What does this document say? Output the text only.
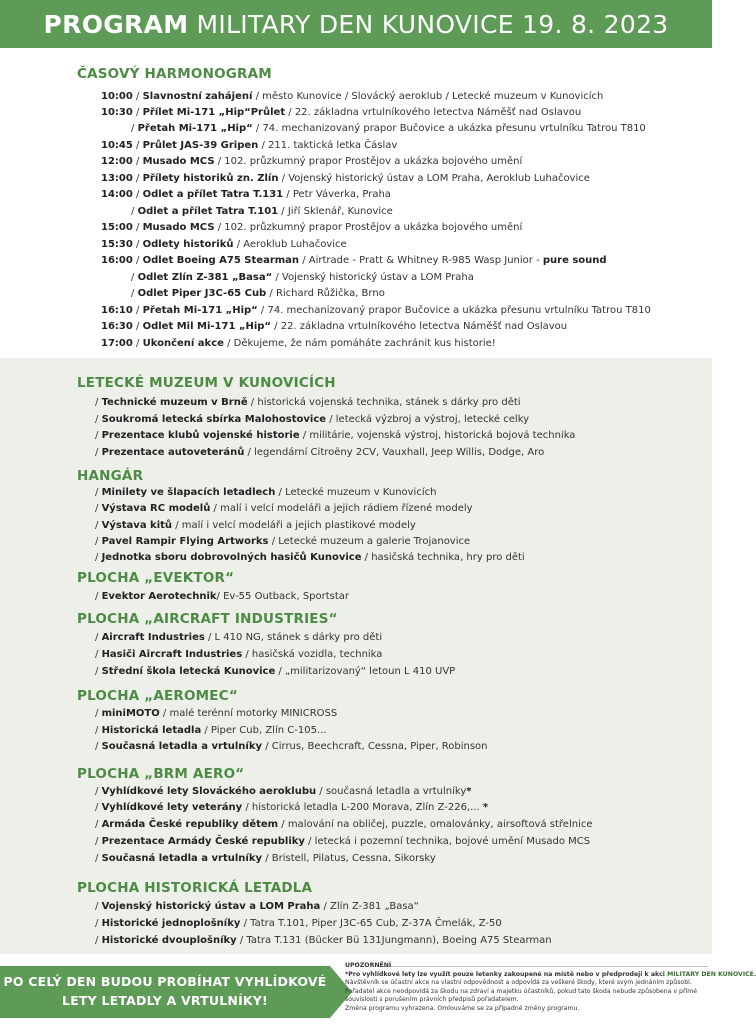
PROGRAM MILITARY DEN KUNOVICE 19. 8. 2023
ČASOVÝ HARMONOGRAM
10:00 / Slavnostní zahájení / město Kunovice / Slovácký aeroklub / Letecké muzeum v Kunovicích
10:30 / Přílet Mi-171 „Hip“Průlet / 22. základna vrtulníkového letectva Náměšť nad Oslavou
/ Přetah Mi-171 „Hip“ / 74. mechanizovaný prapor Bučovice a ukázka přesunu vrtulníku Tatrou T810
10:45 / Průlet JAS-39 Gripen / 211. taktická letka Čáslav
12:00 / Musado MCS / 102. průzkumný prapor Prostějov a ukázka bojového umění
13:00 / Přílety historiků zn. Zlín / Vojenský historický ústav a LOM Praha, Aeroklub Luhačovice
14:00 / Odlet a přílet Tatra T.131 / Petr Váverka, Praha
/ Odlet a přílet Tatra T.101 / Jiří Sklenář, Kunovice
15:00 / Musado MCS / 102. průzkumný prapor Prostějov a ukázka bojového umění
15:30 / Odlety historiků / Aeroklub Luhačovice
16:00 / Odlet Boeing A75 Stearman / Airtrade - Pratt & Whitney R-985 Wasp Junior - pure sound
/ Odlet Zlín Z-381 „Basa“ / Vojenský historický ústav a LOM Praha
/ Odlet Piper J3C-65 Cub / Richard Růžička, Brno
16:10 / Přetah Mi-171 „Hip“ / 74. mechanizovaný prapor Bučovice a ukázka přesunu vrtulníku Tatrou T810
16:30 / Odlet Mil Mi-171 „Hip“ / 22. základna vrtulníkového letectva Náměšť nad Oslavou
17:00 / Ukončení akce / Děkujeme, že nám pomáháte zachránit kus historie!
LETECKÉ MUZEUM V KUNOVICÍCH
/ Technické muzeum v Brně / historická vojenská technika, stánek s dárky pro děti
/ Soukromá letecká sbírka Malohostovice / letecká výzbroj a výstroj, letecké celky
/ Prezentace klubů vojenské historie / militárie, vojenská výstroj, historická bojová technika
/ Prezentace autoveteránů / legendární Citroëny 2CV, Vauxhall, Jeep Willis, Dodge, Aro
HANGÁR
/ Minilety ve šlapacích letadlech / Letecké muzeum v Kunovicích
/ Výstava RC modelů / malí i velcí modeláři a jejich rádiem řízené modely
/ Výstava kitů / malí i velcí modeláři a jejich plastikové modely
/ Pavel Rampir Flying Artworks / Letecké muzeum a galerie Trojanovice
/ Jednotka sboru dobrovolných hasičů Kunovice / hasičská technika, hry pro děti
PLOCHA „EVEKTOR“
/ Evektor Aerotechnik/ Ev-55 Outback, Sportstar
PLOCHA „AIRCRAFT INDUSTRIES“
/ Aircraft Industries / L 410 NG, stánek s dárky pro děti
/ Hasiči Aircraft Industries / hasičská vozidla, technika
/ Střední škola letecká Kunovice / „militarizovaný“ letoun L 410 UVP
PLOCHA „AEROMEC“
/ miniMOTO / malé terénní motorky MINICROSS
/ Historická letadla / Piper Cub, Zlín C-105...
/ Současná letadla a vrtulníky / Cirrus, Beechcraft, Cessna, Piper, Robinson
PLOCHA „BRM AERO“
/ Vyhlídkové lety Slováckého aeroklubu / současná letadla a vrtulníky*
/ Vyhlídkové lety veterány / historická letadla L-200 Morava, Zlín Z-226,... *
/ Armáda České republiky dětem / malování na obličej, puzzle, omalovánky, airsoftová střelnice
/ Prezentace Armády České republiky / letecká i pozemní technika, bojové umění Musado MCS
/ Současná letadla a vrtulníky / Bristell, Pilatus, Cessna, Sikorsky
PLOCHA HISTORICKÁ LETADLA
/ Vojenský historický ústav a LOM Praha / Zlín Z-381 „Basa“
/ Historické jednoplošníky / Tatra T.101, Piper J3C-65 Cub, Z-37A Čmelák, Z-50
/ Historické dvouplošníky / Tatra T.131 (Bücker Bü 131Jungmann), Boeing A75 Stearman
PO CELÝ DEN BUDOU PROBÍHAT VYHLÍDKOVÉ
LETY LETADLY A VRTULNÍKY!
UPOZORNĚNÍ
*Pro vyhlídkové lety lze využít pouze letenky zakoupené na místě nebo v předprodeji k akci MILITARY DEN KUNOVICE.
Návštěvník se účastní akce na vlastní odpovědnost a odpovídá za veškeré škody, které svým jednáním způsobí.
Pořadatel akce neodpovídá za škodu na zdraví a majetku účastníků, pokud tato škoda nebude způsobena v přímé
souvislosti s porušením právních předpisů pořadatelem.
Změna programu vyhrazena. Omlouváme se za případné změny programu.
